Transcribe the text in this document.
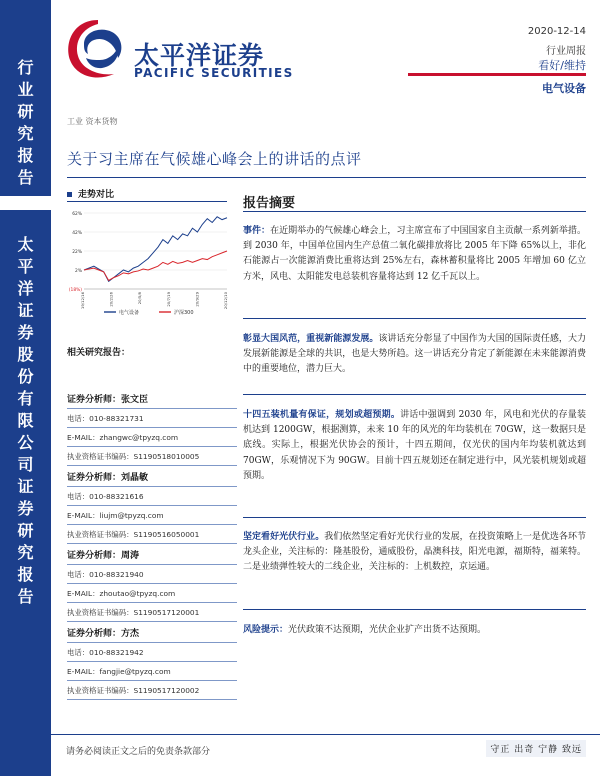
行
业
研
究
报
告
太
平
洋
证
券
股
份
有
限
公
司
证
券
研
究
报
告
太平洋证券
PACIFIC SECURITIES
2020-12-14
行业周报
看好/维持
电气设备
工业 资本货物
关于习主席在气候雄心峰会上的讲话的点评
走势对比
62%
42%
22%
2%
(18%)
19/12/16	20/2/26	20/5/8	20/7/19	20/9/29	20/12/10
电气设备	沪深300
相关研究报告：
证券分析师：张文臣
电话：010-88321731
E-MAIL：zhangwc@tpyzq.com
执业资格证书编码：S1190518010005
证券分析师：刘晶敏
电话：010-88321616
E-MAIL：liujm@tpyzq.com
执业资格证书编码：S1190516050001
证券分析师：周涛
电话：010-88321940
E-MAIL：zhoutao@tpyzq.com
执业资格证书编码：S1190517120001
证券分析师：方杰
电话：010-88321942
E-MAIL：fangjie@tpyzq.com
执业资格证书编码：S1190517120002
报告摘要
事件：在近期举办的气候雄心峰会上，习主席宣布了中国国家自主贡献一系列新举措。到 2030 年，中国单位国内生产总值二氧化碳排放将比 2005 年下降 65%以上，非化石能源占一次能源消费比重将达到 25%左右，森林蓄积量将比 2005 年增加 60 亿立方米，风电、太阳能发电总装机容量将达到 12 亿千瓦以上。
彰显大国风范，重视新能源发展。该讲话充分彰显了中国作为大国的国际责任感，大力发展新能源是全球的共识，也是大势所趋。这一讲话充分肯定了新能源在未来能源消费中的重要地位，潜力巨大。
十四五装机量有保证，规划或超预期。讲话中强调到 2030 年，风电和光伏的存量装机达到 1200GW，根据测算，未来 10 年的风光的年均装机在 70GW，这一数据只是底线。实际上，根据光伏协会的预计，十四五期间，仅光伏的国内年均装机就达到 70GW，乐观情况下为 90GW。目前十四五规划还在制定进行中，风光装机规划或超预期。
坚定看好光伏行业。我们依然坚定看好光伏行业的发展，在投资策略上一是优选各环节龙头企业，关注标的：隆基股份，通威股份，晶澳科技，阳光电源，福斯特，福莱特。二是业绩弹性较大的二线企业，关注标的：上机数控，京运通。
风险提示：光伏政策不达预期，光伏企业扩产出货不达预期。
请务必阅读正文之后的免责条款部分	守正 出奇 宁静 致远
